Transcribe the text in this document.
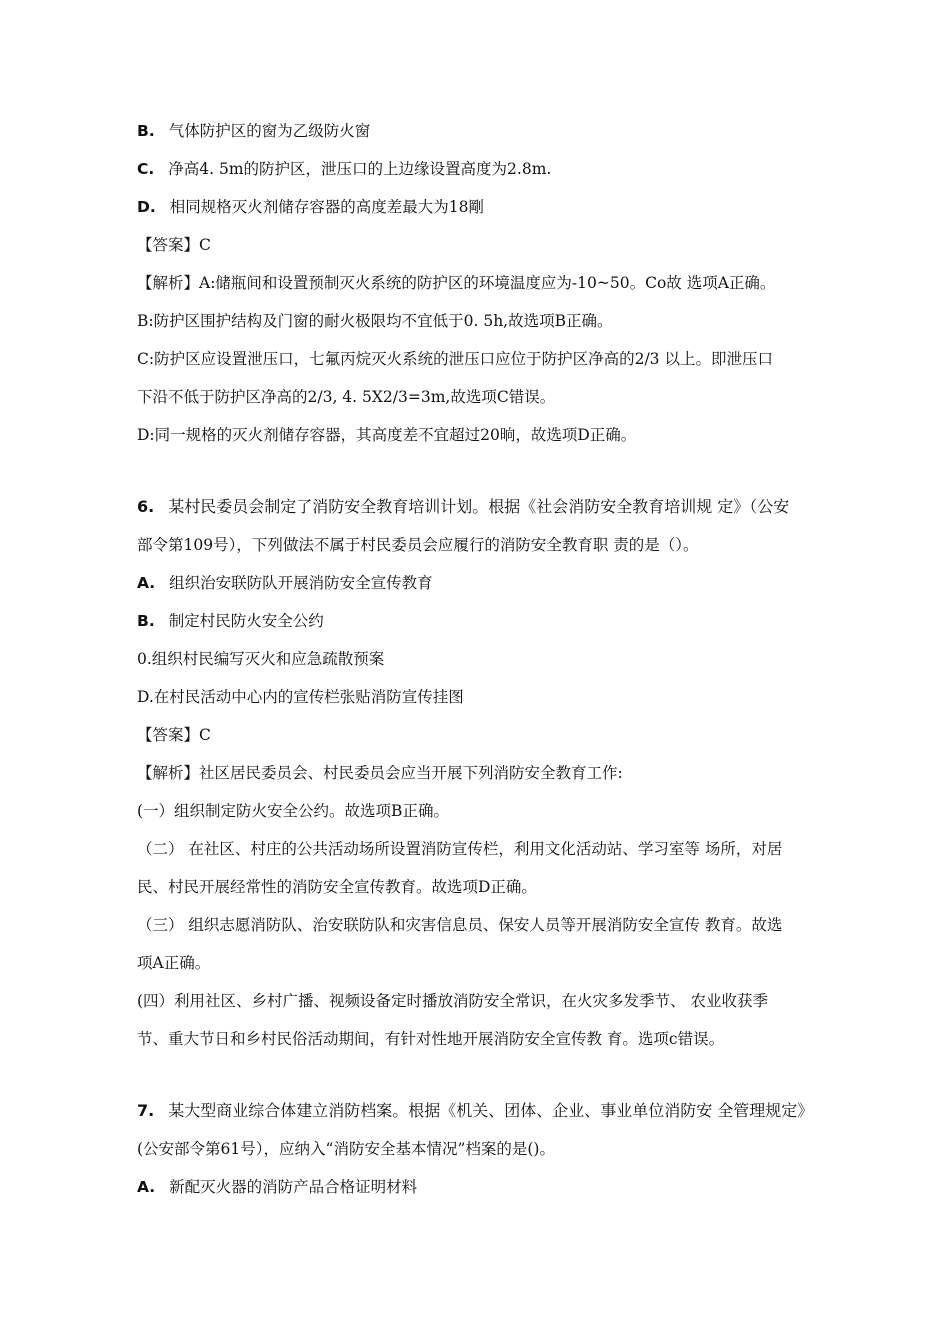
B. 气体防护区的窗为乙级防火窗
C. 净高4. 5m的防护区，泄压口的上边缘设置高度为2.8m.
D. 相同规格灭火剂储存容器的高度差最大为18剛
【答案】C
【解析】A:储瓶间和设置预制灭火系统的防护区的环境温度应为-10~50。Co故 选项A正确。
B:防护区围护结构及门窗的耐火极限均不宜低于0. 5h,故选项B正确。
C:防护区应设置泄压口，七氟丙烷灭火系统的泄压口应位于防护区净高的2/3 以上。即泄压口
下沿不低于防护区净高的2/3, 4. 5X2/3=3m,故选项C错误。
D:同一规格的灭火剂储存容器，其高度差不宜超过20晌，故选项D正确。
6. 某村民委员会制定了消防安全教育培训计划。根据《社会消防安全教育培训规 定》（公安
部令第109号），下列做法不属于村民委员会应履行的消防安全教育职 责的是（）。
A. 组织治安联防队开展消防安全宣传教育
B. 制定村民防火安全公约
0.组织村民编写灭火和应急疏散预案
D.在村民活动中心内的宣传栏张贴消防宣传挂图
【答案】C
【解析】社区居民委员会、村民委员会应当开展下列消防安全教育工作:
(一）组织制定防火安全公约。故选项B正确。
（二） 在社区、村庄的公共活动场所设置消防宣传栏，利用文化活动站、学习室等 场所，对居
民、村民开展经常性的消防安全宣传教育。故选项D正确。
（三） 组织志愿消防队、治安联防队和灾害信息员、保安人员等开展消防安全宣传 教育。故选
项A正确。
(四）利用社区、乡村广播、视频设备定时播放消防安全常识，在火灾多发季节、 农业收获季
节、重大节日和乡村民俗活动期间，有针对性地开展消防安全宣传教 育。选项c错误。
7. 某大型商业综合体建立消防档案。根据《机关、团体、企业、事业单位消防安 全管理规定》
(公安部令第61号），应纳入“消防安全基本情况”档案的是()。
A. 新配灭火器的消防产品合格证明材料
